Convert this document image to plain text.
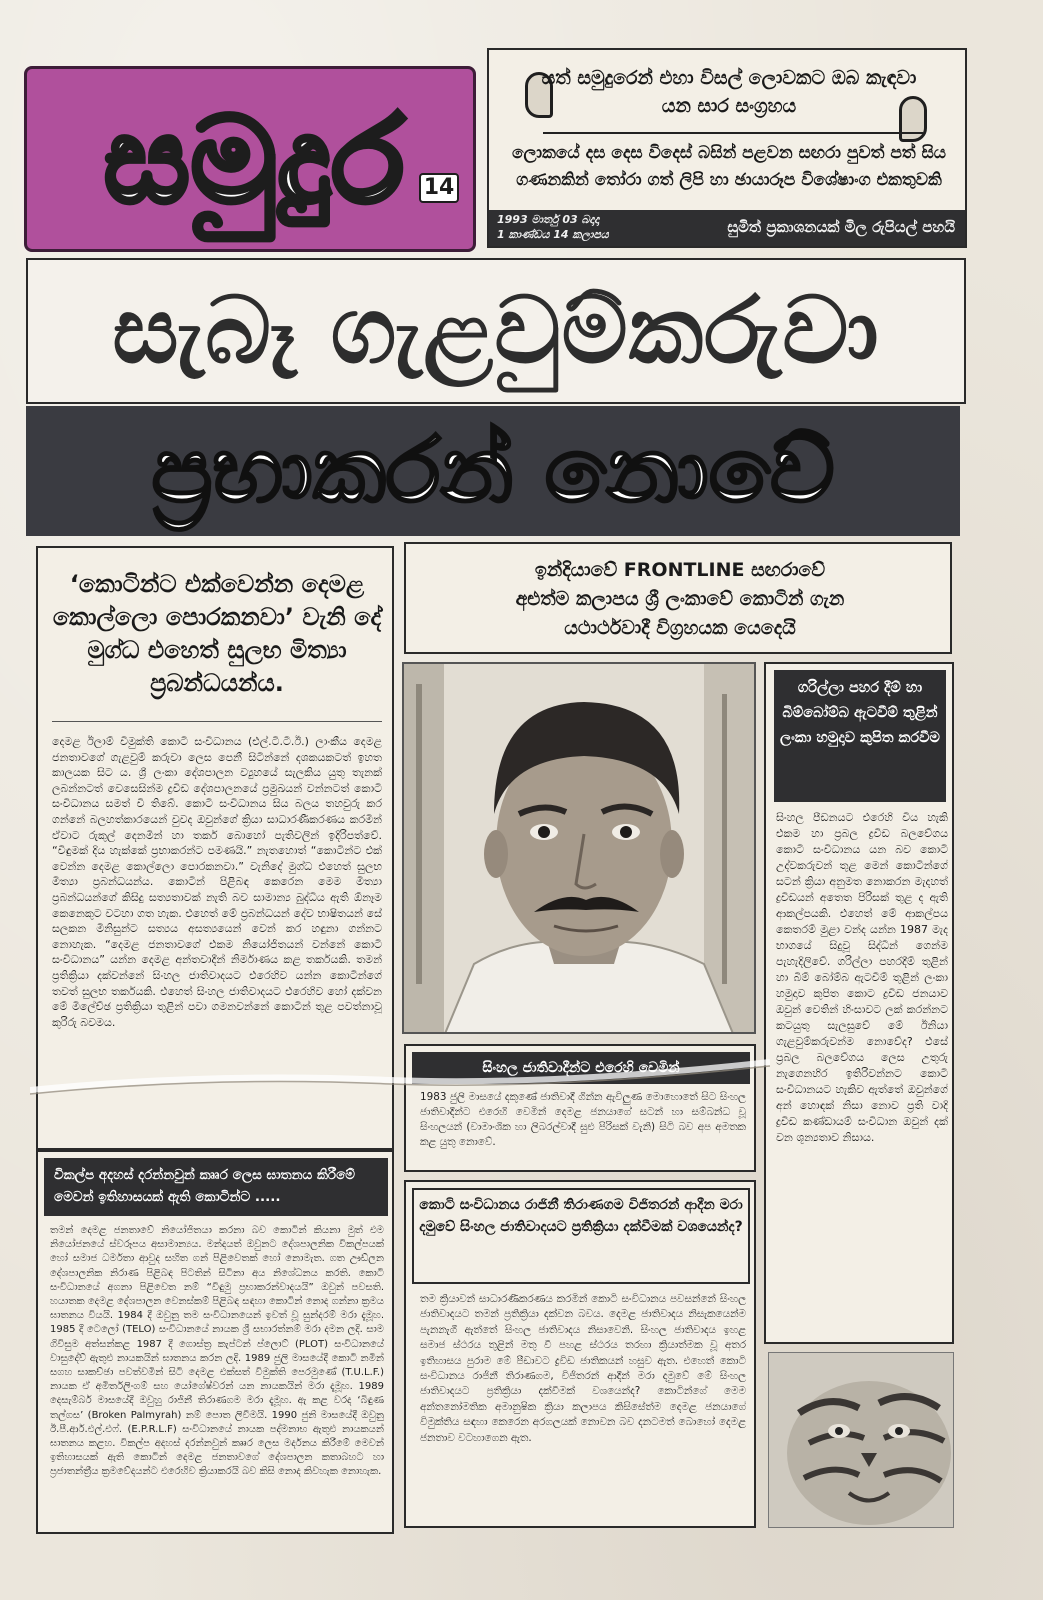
සමුදුර 14
සත් සමුදුරෙන් එහා විසල් ලොවකට ඔබ කැඳවා යන සාර සංග්‍රහය
ලොකයේ දස දෙස විදෙස් බසින් පළවන සඟරා පුවත් පත් සිය ගණනකින් තෝරා ගත් ලිපි හා ඡායාරූප විශේෂාංග එකතුවකි
1993 මාර්තු 03 බදාදා
1 කාණ්ඩය 14 කලාපය	සුමිත් ප්‍රකාශනයක් මිල රුපියල් පහයි
සැබෑ ගැළවුම්කරුවා
ප්‍රභාකරන් නොවේ
‘කොටින්ට එක්වෙන්න දෙමළ කොල්ලො පොරකනවා’ වැනි දේ මුග්ධ එහෙත් සුලභ මිත්‍යා ප්‍රබන්ධයන්ය.
දෙමළ ඊලාම් විමුක්ති කොටි සංවිධානය (එල්.ටී.ටී.ඊ.) ලාංකීය දෙමළ ජනතාවගේ ගැළවුම් කරුවා ලෙස පෙනී සිටින්නේ දශකයකටත් ඉහත කාලයක සිට ය. ශ්‍රී ලංකා දේශපාලන ව්‍යුහයේ සැලකිය යුතු තැනක් ලබන්නටත් වෙසෙසින්ම ද්‍රවිඩ දේශපාලනයේ ප්‍රමුඛයන් වන්නටත් කොටි සංවිධානය සමත් වී තිබේ. කොටි සංවිධානය සිය බලය තහවුරු කර ගන්නේ බලහත්කාරයෙන් වුවද ඔවුන්ගේ ක්‍රියා සාධාරණීකරණය කරමින් ඒවාට රුකුල් දෙනමින් හා තර්ක බොහෝ පැතිවලින් ඉදිරිපත්වේ. “විඳුමක් දිය හැක්කේ ප්‍රභාකරන්ට පමණයි.” නැතහොත් “කොටින්ට එක් වෙන්න දෙමළ කොල්ලො පොරකනවා.” වැනිදේ මුග්ධ එහෙත් සුලභ මිත්‍යා ප්‍රබන්ධයන්ය. කොටින් පිළිබඳ කෙරෙන මෙම මිත්‍යා ප්‍රබන්ධයන්ගේ කිසිදු සත්‍යතාවක් නැති බව සාමාන්‍ය බුද්ධිය ඇති ඕනෑම කෙනෙකුට වටහා ගත හැක. එහෙත් මේ ප්‍රබන්ධයන් දේව භාෂිතයන් සේ සලකන මිනිසුන්ට සත්‍යය අසත්‍යයෙන් වෙන් කර හඳුනා ගන්නට නොහැක. “දෙමළ ජනතාවගේ එකම නියෝජිතයන් වන්නේ කොටි සංවිධානය” යන්න දෙමළ අන්තවාදීන් නිර්මාණය කළ තර්කයකි. තමන් ප්‍රතික්‍රියා දක්වන්නේ සිංහල ජාතිවාදයට එරෙහිව යන්න කොටින්ගේ තවත් සුලභ තර්කයකි. එහෙත් සිංහල ජාතිවාදයට එරෙහිව හෝ දක්වන මේ මිලේච්ඡ ප්‍රතික්‍රියා තුළින් පවා ගමනවන්නේ කොටින් තුළ පවත්නාවූ කුරිරු බවමය.
විකල්ප අදහස් දරන්නවුන් කෲර ලෙස ඝාතනය කිරීමේ මෙවන් ඉතිහාසයක් ඇති කොටින්ට .....
තමන් දෙමළ ජනතාවේ නියෝජිතයා කරනා බව කොටින් කියනා මුත් එම නියෝජනයේ ස්වරූපය අසාමාන්‍යය. මන්දයත් ඔවුනට දේශපාලනික විකල්පයක් හෝ සමාජ ධර්මතා ආවුද සහිත ගන් පිළිවෙතක් හෝ නොමැත. ගත ඌඩ්ලන දේශපාලනික නිරාණ පිළිබඳ පිටතින් සිටිනා අය නිශේධනය කරති. කොටි සංවිධානයේ අගනා පිළිවෙත නම් “විඳුමු ප්‍රභාකරන්වාදයයි” ඔවුන් පවසති. හයාතක දෙමළ දේශපාලන වෙනස්කම් පිළිබඳ සඳහා කොටින් නොද ගන්නා ක්‍රමය ඝාතනය වියයි. 1984 දී ඔවුනු තම සංවිධානයෙන් ඉවත් වූ සුන්දරම් මරා දැමූහ. 1985 දී ටෙලෝ (TELO) සංවිධානයේ නායක ශ්‍රී සභාරත්නම් මරා දමන ලදි. සාම ගිවිසුම අත්සන්කළ 1987 දී ගොස්ත්‍ර කැප්ටන් ප්ලොට් (PLOT) සංවිධානයේ වාසුදේව් ඇතුළු නායකයින් ඝාතනය කරන ලදි. 1989 ජුලි මාසයේදී කොටි නමින් සගහ සාකච්ඡා පවත්වමින් සිටි දෙමළ එක්සත් විමුක්ති පෙරමුණේ (T.U.L.F.) නායක ඒ අමිර්තලිංගම් සහ යෝගේෂ්වරන් යන නායකයින් මරා දැමූහ. 1989 දෙසැම්බර් මාසයේදී ඔවුහු රාජිනී තිරාණගම මරා දැමූහ. ඇ කළ වරද ‘බිඳුණ තල්ගස’ (Broken Palmyrah) නම් පොත ලිවීමයි. 1990 ජුනි මාසයේදී ඔවුනු ඊ.පී.ආර්.එල්.එෆ්. (E.P.R.L.F) සංවිධානයේ නායක පද්මනාභ ඇතුළු නායකයන් ඝාතනය කළහ. විකල්ප අදහස් දරන්නවුන් කෲර ලෙස මර්දනය කිරීමේ මෙවන් ඉතිහාසයක් ඇති කොටින් දෙමළ ජනතාවගේ දේශපාලන කතාබහට හා ප්‍රජාතන්ත්‍රීය ක්‍රමවේදයන්ට එරෙහිව ක්‍රියාකරයි බව කිසි නොද කිවහැක නොහැක.
ඉන්දියාවේ FRONTLINE සඟරාවේ
අළුත්ම කලාපය ශ්‍රී ලංකාවේ කොටින් ගැන
යථාර්ථවාදී විග්‍රහයක යෙදෙයි
සිංහල ජාතිවාදීන්ට එරෙහි වෙමින්
1983 ජුලි මාසයේ දකුණේ ජාතිවාදී ගින්න ඇවිලුණ මොහොතේ සිට සිංහල ජාතිවාදීන්ට එරෙහි වෙමින් දෙමළ ජනයාගේ සටන් හා සම්බන්ධ වූ සිංහලයන් (වාමාංශික හා ලිබරල්වාදී සුළු පිරිසක් වැනි) සිටි බව අප අමතක කළ යුතු නොවේ.
කොටි සංවිධානය රාජිනී තිරාණගම විජිතරන් ආදීන මරා දමුවේ සිංහල ජාතිවාදයට ප්‍රතික්‍රියා දක්වීමක් වශයෙන්ද?
තම ක්‍රියාවන් සාධාරණීකරණය කරමින් කොටි සංවිධානය පවසන්නේ සිංහල ජාතිවාදයට තමන් ප්‍රතික්‍රියා දක්වන බවය. දෙමළ ජාතිවාදය නිසැකයෙන්ම පැනනැගී ඇත්තේ සිංහල ජාතිවාදය නිසාවෙනි. සිංහල ජාතිවාදය ඉහළ සමාජ ස්ථරය තුළින් මතු වී පහළ ස්ථරය තරහා ක්‍රියාත්මක වූ අතර ඉතිහාසය පුරාම මේ පීඩාවට ද්‍රවිඩ ජාතිකයන් හසුව ඇත. එහෙත් කොටි සංවිධානය රාජිනී තිරාණගම, විජිතරන් ආදීන් මරා දමුවේ මේ සිංහල ජාතිවාදයට ප්‍රතික්‍රියා දක්වීමක් වශයෙන්ද? කොටින්ගේ මෙම අන්තනෝමතික අමානුෂික ක්‍රියා කලාපය කිසිසේත්ම දෙමළ ජනයාගේ විමුක්තිය සඳහා කෙරෙන අරගලයක් නොවන බව දනටමත් බොහෝ දෙමළ ජනතාව වටහාගෙන ඇත.
ගරිල්ලා පහර දීම් හා බිම්බෝම්බ ඇටවීම් තුළින් ලංකා හමුදාව කුපිත කරවීම
සිංහල පීඩනයට එරෙහි විය හැකි එකම හා ප්‍රබල ද්‍රවිඩ බලවේගය කොටි සංවිධානය යන බව කොටි උද්වකරුවන් තුළ මෙන් කොටින්ගේ සටන් ක්‍රියා අනුමත නොකරන මැදහත් ද්‍රවිඩයන් අතෙත පිරිසක් තුළ ද ඇති ආකල්පයකි. එහෙත් මේ ආකල්පය කෙතරම් මුළා වන්ද යන්න 1987 මැද භාගයේ සිදුවූ සිද්ධීන් ගෙන්ම පැහැදිලිවේ. ගරිල්ලා පහරදීම් තුළින් හා බිම් බෝම්බ ඇටවීම් තුළින් ලංකා හමුදාව කුපිත කොට ද්‍රවිඩ ජනයාව ඔවුන් වෙතින් හිංසාවට ලක් කරන්නට කටයුතු සැලසුවේ මේ ඊනියා ගැළවුම්කරුවන්ම නොවේද? එසේ ප්‍රබල බලවේගය ලෙස උතුරු නැගෙනහිර ඉතිරිවන්නට කොටි සංවිධානයට හැකිව ඇත්තේ ඔවුන්ගේ අන් හොඳක් නිසා නොව ප්‍රති වාදි ද්‍රවිඩ කණ්ඩායම් සංවිධාන ඔවුන් දක් වන ශූන්‍යතාව නිසාය.
